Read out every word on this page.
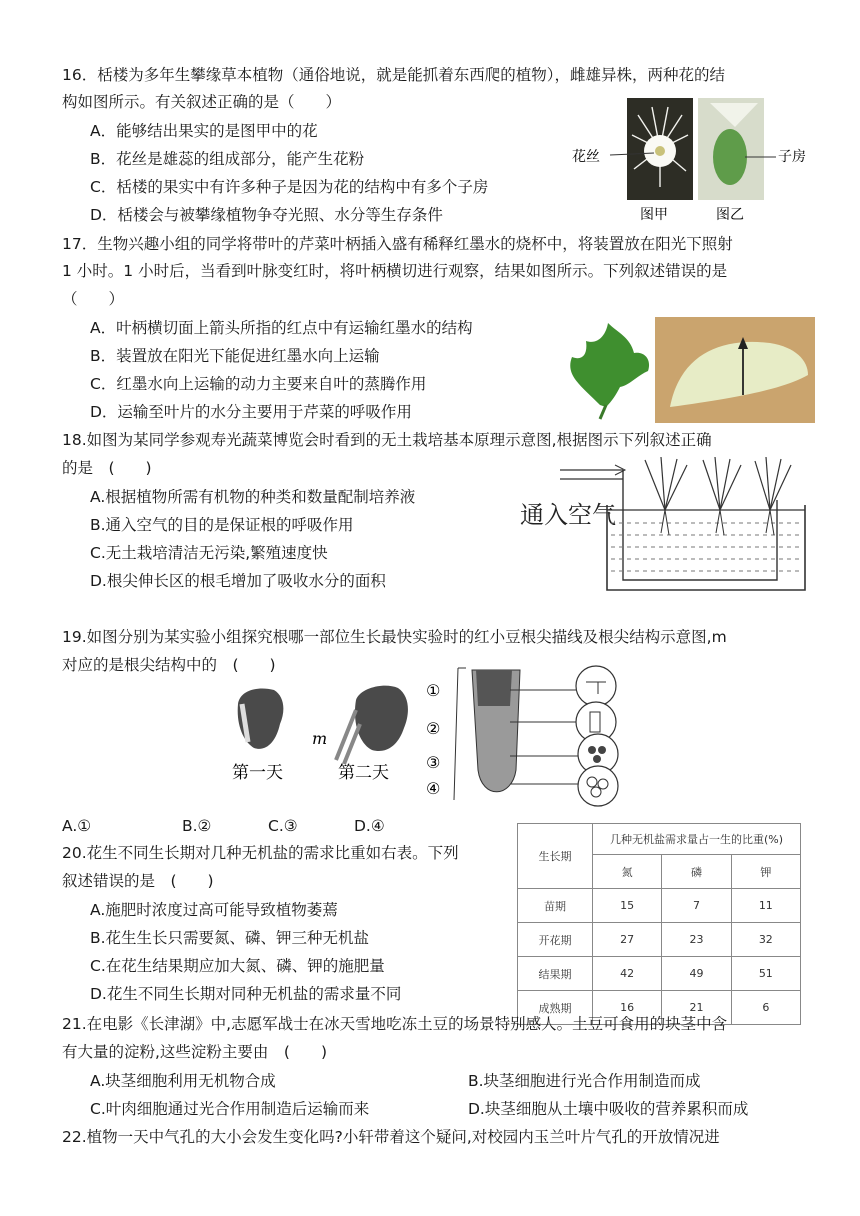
16．栝楼为多年生攀缘草本植物（通俗地说，就是能抓着东西爬的植物），雌雄异株，两种花的结
构如图所示。有关叙述正确的是（　　）
A．能够结出果实的是图甲中的花
B．花丝是雄蕊的组成部分，能产生花粉
C．栝楼的果实中有许多种子是因为花的结构中有多个子房
D．栝楼会与被攀缘植物争夺光照、水分等生存条件
花丝	子房
图甲	图乙
17．生物兴趣小组的同学将带叶的芹菜叶柄插入盛有稀释红墨水的烧杯中，将装置放在阳光下照射
1 小时。1 小时后，当看到叶脉变红时，将叶柄横切进行观察，结果如图所示。下列叙述错误的是
（　　）
A．叶柄横切面上箭头所指的红点中有运输红墨水的结构
B．装置放在阳光下能促进红墨水向上运输
C．红墨水向上运输的动力主要来自叶的蒸腾作用
D．运输至叶片的水分主要用于芹菜的呼吸作用
18.如图为某同学参观寿光蔬菜博览会时看到的无土栽培基本原理示意图,根据图示下列叙述正确
的是　(　　)
A.根据植物所需有机物的种类和数量配制培养液
B.通入空气的目的是保证根的呼吸作用
C.无土栽培清洁无污染,繁殖速度快
D.根尖伸长区的根毛增加了吸收水分的面积
通入空气
19.如图分别为某实验小组探究根哪一部位生长最快实验时的红小豆根尖描线及根尖结构示意图,m
对应的是根尖结构中的　(　　)
第一天
m
第二天
①
②
③
④
A.①	B.②	C.③	D.④
20.花生不同生长期对几种无机盐的需求比重如右表。下列
叙述错误的是　(　　)
A.施肥时浓度过高可能导致植物萎蔫
B.花生生长只需要氮、磷、钾三种无机盐
C.在花生结果期应加大氮、磷、钾的施肥量
D.花生不同生长期对同种无机盐的需求量不同
生长期	几种无机盐需求量占一生的比重(%)		
	氮	磷	钾
苗期	15	7	11
开花期	27	23	32
结果期	42	49	51
成熟期	16	21	6
21.在电影《长津湖》中,志愿军战士在冰天雪地吃冻土豆的场景特别感人。土豆可食用的块茎中含
有大量的淀粉,这些淀粉主要由　(　　)
A.块茎细胞利用无机物合成	B.块茎细胞进行光合作用制造而成
C.叶肉细胞通过光合作用制造后运输而来	D.块茎细胞从土壤中吸收的营养累积而成
22.植物一天中气孔的大小会发生变化吗?小轩带着这个疑问,对校园内玉兰叶片气孔的开放情况进
